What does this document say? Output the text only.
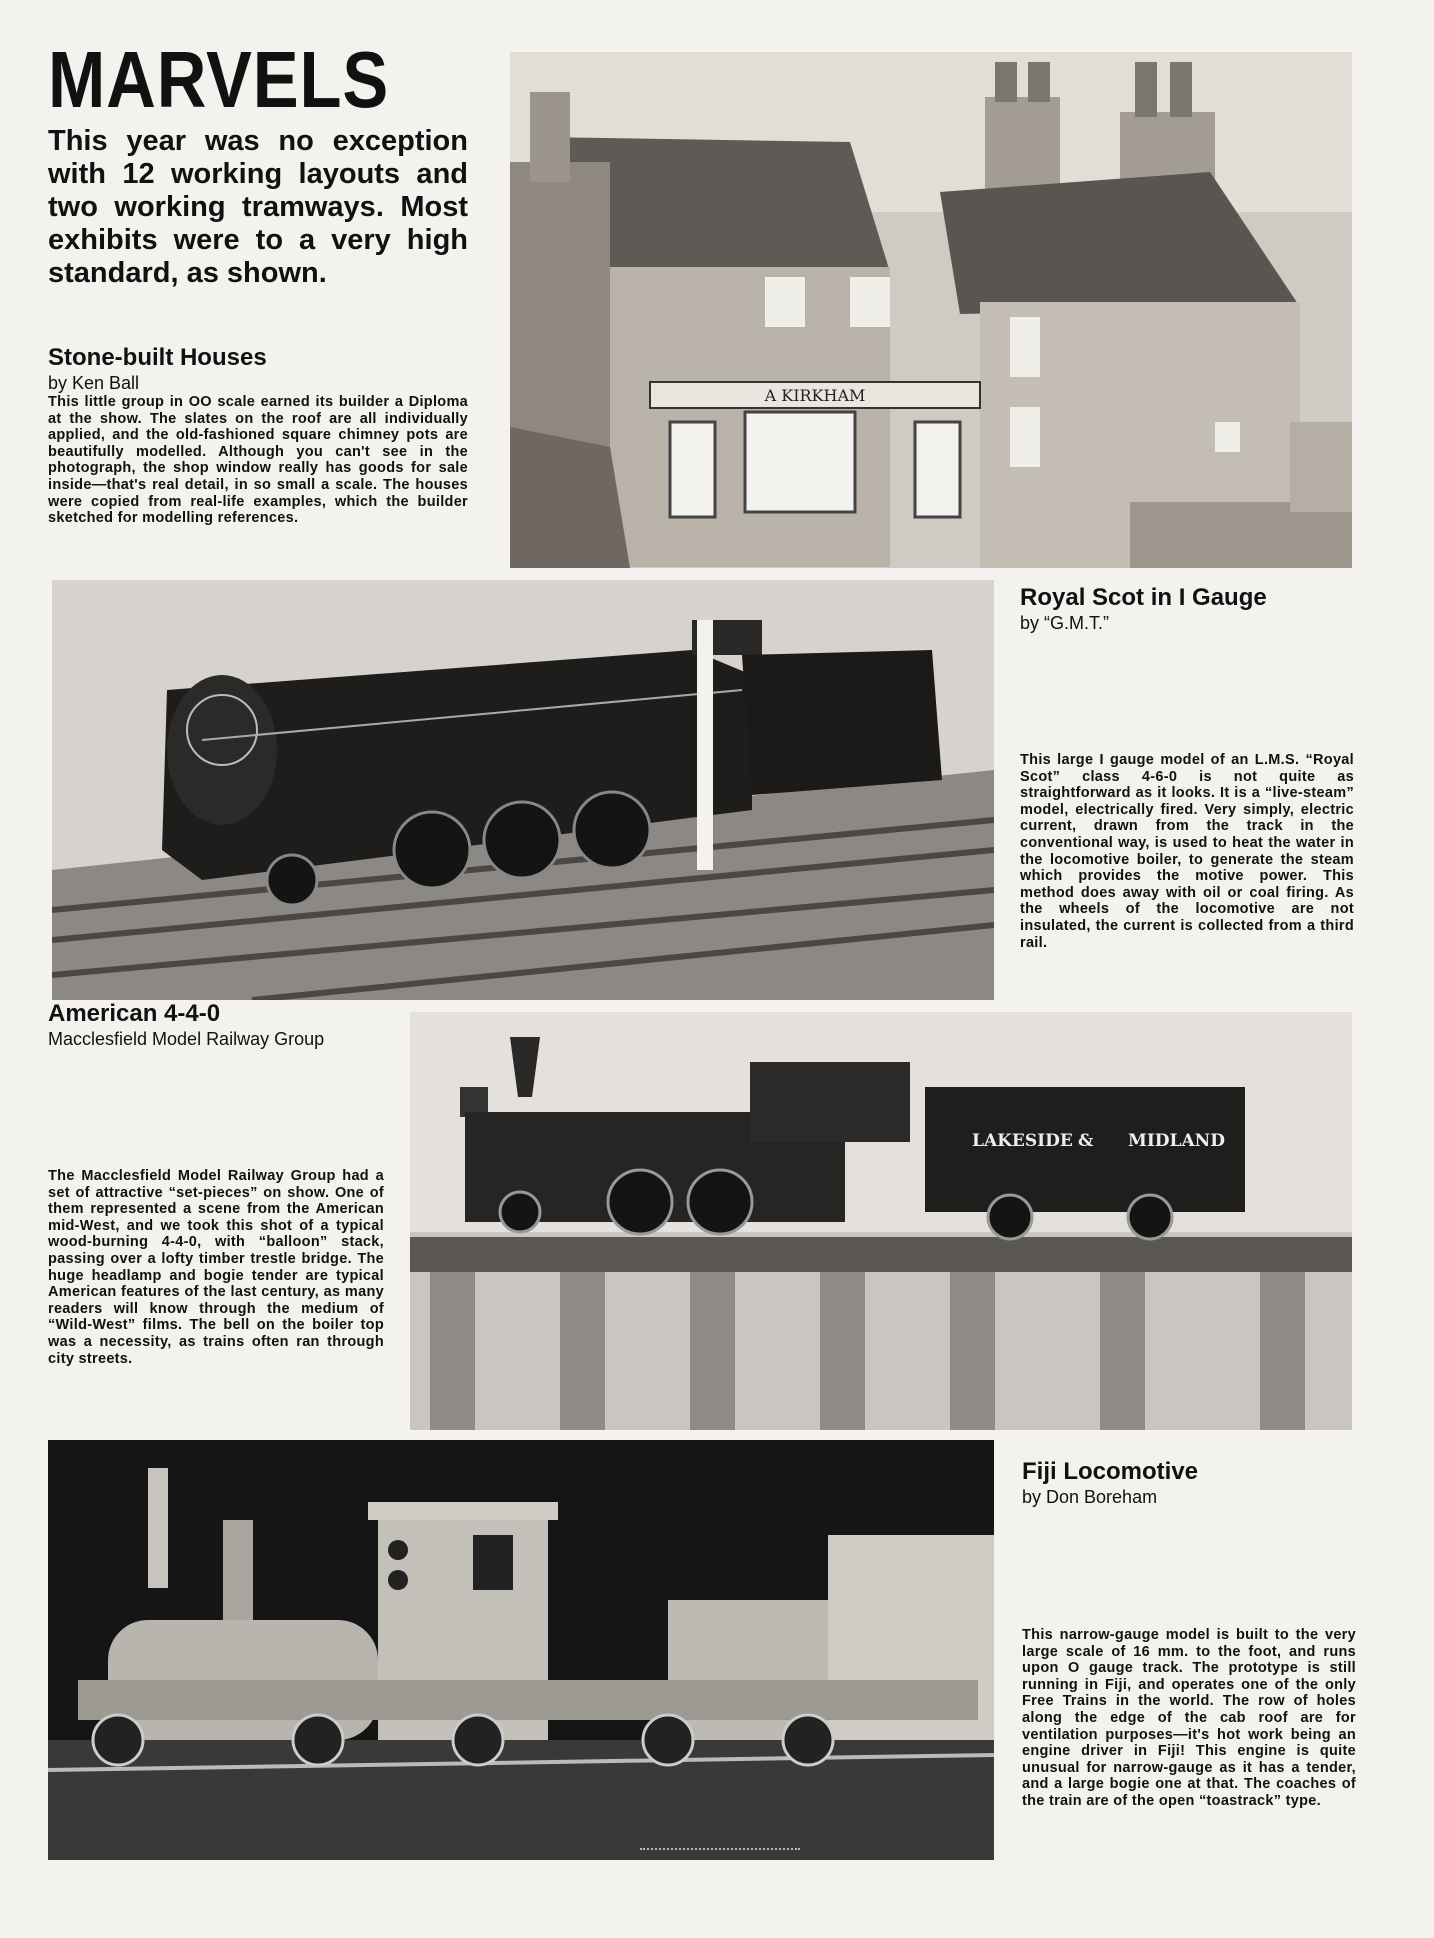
MARVELS
This year was no exception with 12 working layouts and two working tramways. Most exhibits were to a very high standard, as shown.
Stone-built Houses
by Ken Ball
This little group in OO scale earned its builder a Diploma at the show. The slates on the roof are all individually applied, and the old-fashioned square chimney pots are beautifully modelled. Although you can't see in the photograph, the shop window really has goods for sale inside—that's real detail, in so small a scale. The houses were copied from real-life examples, which the builder sketched for modelling references.
A KIRKHAM
Royal Scot in I Gauge
by “G.M.T.”
This large I gauge model of an L.M.S. “Royal Scot” class 4-6-0 is not quite as straightforward as it looks. It is a “live-steam” model, electrically fired. Very simply, electric current, drawn from the track in the conventional way, is used to heat the water in the locomotive boiler, to generate the steam which provides the motive power. This method does away with oil or coal firing. As the wheels of the locomotive are not insulated, the current is collected from a third rail.
American 4-4-0
Macclesfield Model Railway Group
The Macclesfield Model Railway Group had a set of attractive “set-pieces” on show. One of them represented a scene from the American mid-West, and we took this shot of a typical wood-burning 4-4-0, with “balloon” stack, passing over a lofty timber trestle bridge. The huge headlamp and bogie tender are typical American features of the last century, as many readers will know through the medium of “Wild-West” films. The bell on the boiler top was a necessity, as trains often ran through city streets.
LAKESIDE & MIDLAND
Fiji Locomotive
by Don Boreham
This narrow-gauge model is built to the very large scale of 16 mm. to the foot, and runs upon O gauge track. The prototype is still running in Fiji, and operates one of the only Free Trains in the world. The row of holes along the edge of the cab roof are for ventilation purposes—it's hot work being an engine driver in Fiji! This engine is quite unusual for narrow-gauge as it has a tender, and a large bogie one at that. The coaches of the train are of the open “toastrack” type.
